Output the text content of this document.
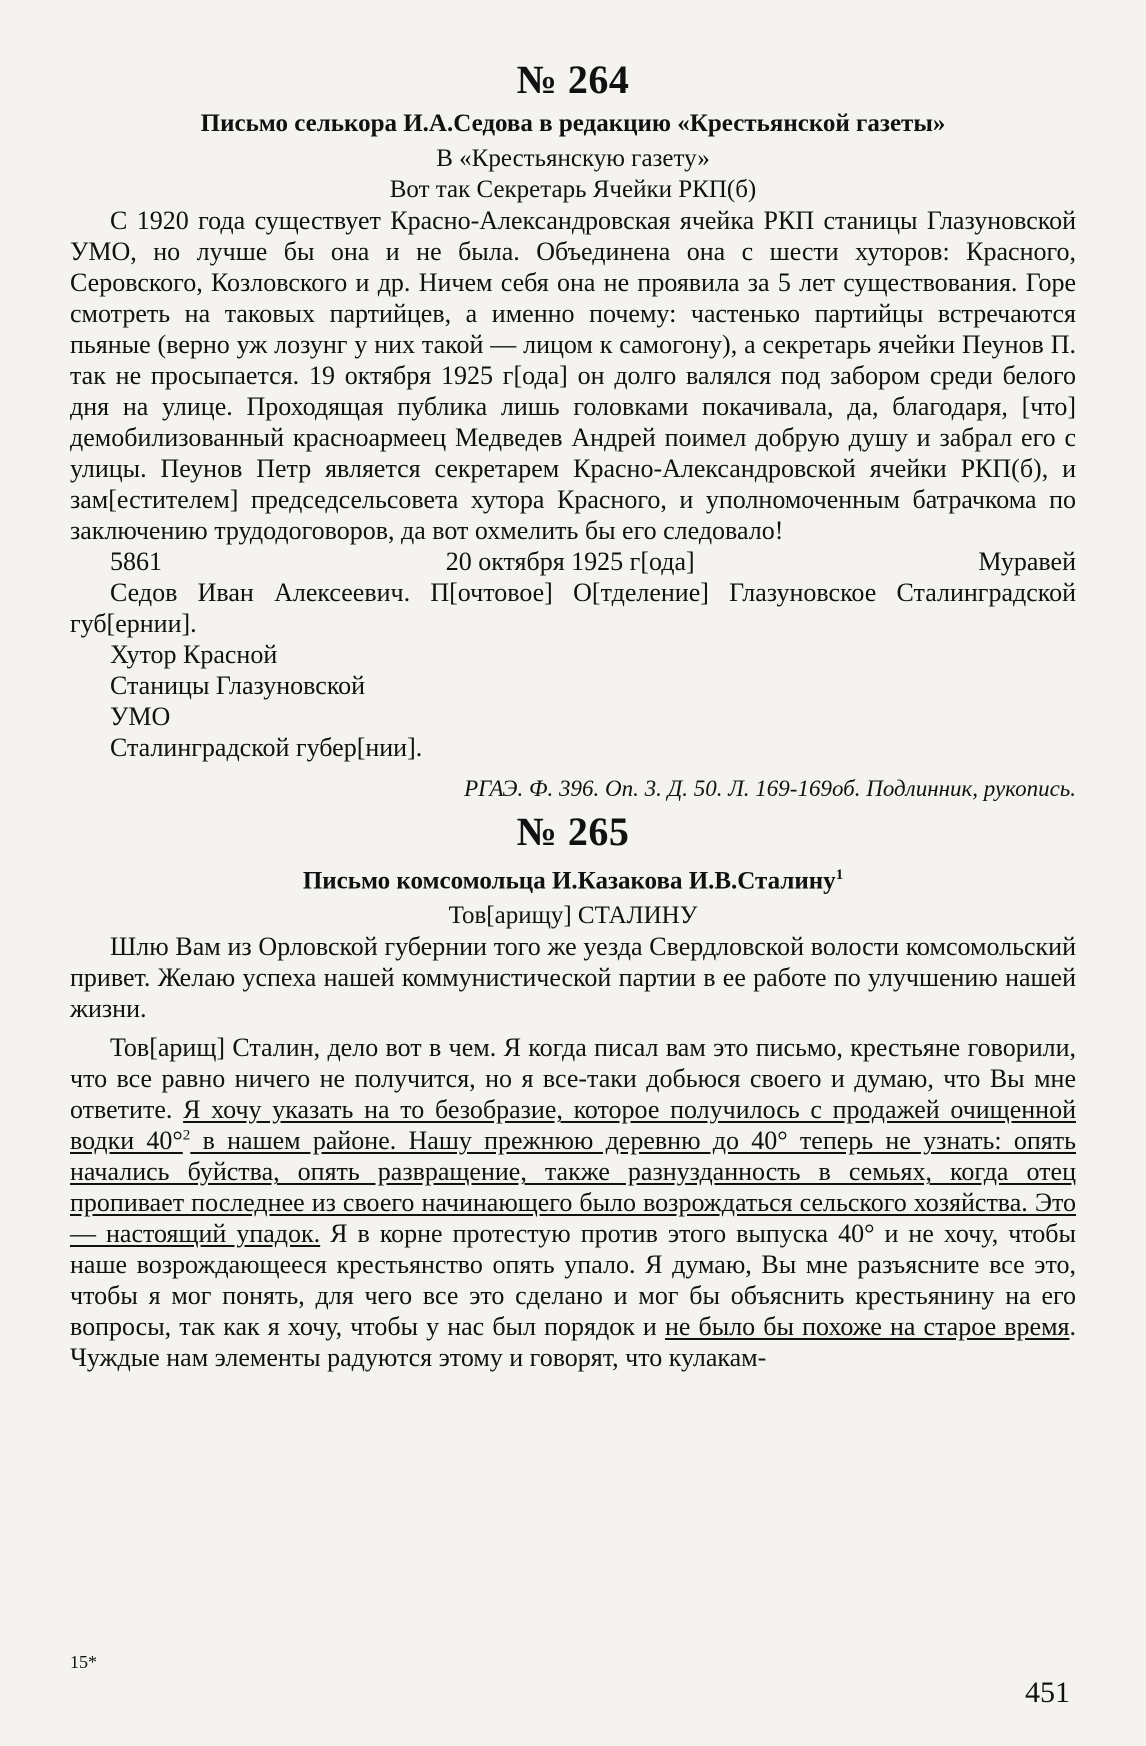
№ 264
Письмо селькора И.А.Седова в редакцию «Крестьянской газеты»
В «Крестьянскую газету»
Вот так Секретарь Ячейки РКП(б)

С 1920 года существует Красно-Александровская ячейка РКП станицы Глазуновской УМО, но лучше бы она и не была. Объединена она с шести хуторов: Красного, Серовского, Козловского и др. Ничем себя она не проявила за 5 лет существования. Горе смотреть на таковых партийцев, а именно почему: частенько партийцы встречаются пьяные (верно уж лозунг у них такой — лицом к самогону), а секретарь ячейки Пеунов П. так не просыпается. 19 октября 1925 г[ода] он долго валялся под забором среди белого дня на улице. Проходящая публика лишь головками покачивала, да, благодаря, [что] демобилизованный красноармеец Медведев Андрей поимел добрую душу и забрал его с улицы. Пеунов Петр является секретарем Красно-Александровской ячейки РКП(б), и зам[естителем] председсельсовета хутора Красного, и уполномоченным батрачкома по заключению трудодоговоров, да вот охмелить бы его следовало!

5861	20 октября 1925 г[ода]	Муравей

Седов Иван Алексеевич. П[очтовое] О[тделение] Глазуновское Сталинградской губ[ернии].

Хутор Красной
Станицы Глазуновской
УМО
Сталинградской губер[нии].
РГАЭ. Ф. 396. Оп. 3. Д. 50. Л. 169-169об. Подлинник, рукопись.
№ 265
Письмо комсомольца И.Казакова И.В.Сталину$^1$
Тов[арищу] СТАЛИНУ

Шлю Вам из Орловской губернии того же уезда Свердловской волости комсомольский привет. Желаю успеха нашей коммунистической партии в ее работе по улучшению нашей жизни.

Тов[арищ] Сталин, дело вот в чем. Я когда писал вам это письмо, крестьяне говорили, что все равно ничего не получится, но я все-таки добьюся своего и думаю, что Вы мне ответите. Я хочу указать на то безобразие, которое получилось с продажей очищенной водки 40°$^2$ в нашем районе. Нашу прежнюю деревню до 40° теперь не узнать: опять начались буйства, опять развращение, также разнузданность в семьях, когда отец пропивает последнее из своего начинающего было возрождаться сельского хозяйства. Это — настоящий упадок. Я в корне протестую против этого выпуска 40° и не хочу, чтобы наше возрождающееся крестьянство опять упало. Я думаю, Вы мне разъясните все это, чтобы я мог понять, для чего все это сделано и мог бы объяснить крестьянину на его вопросы, так как я хочу, чтобы у нас был порядок и не было бы похоже на старое время. Чуждые нам элементы радуются этому и говорят, что кулакам-

15*
451
